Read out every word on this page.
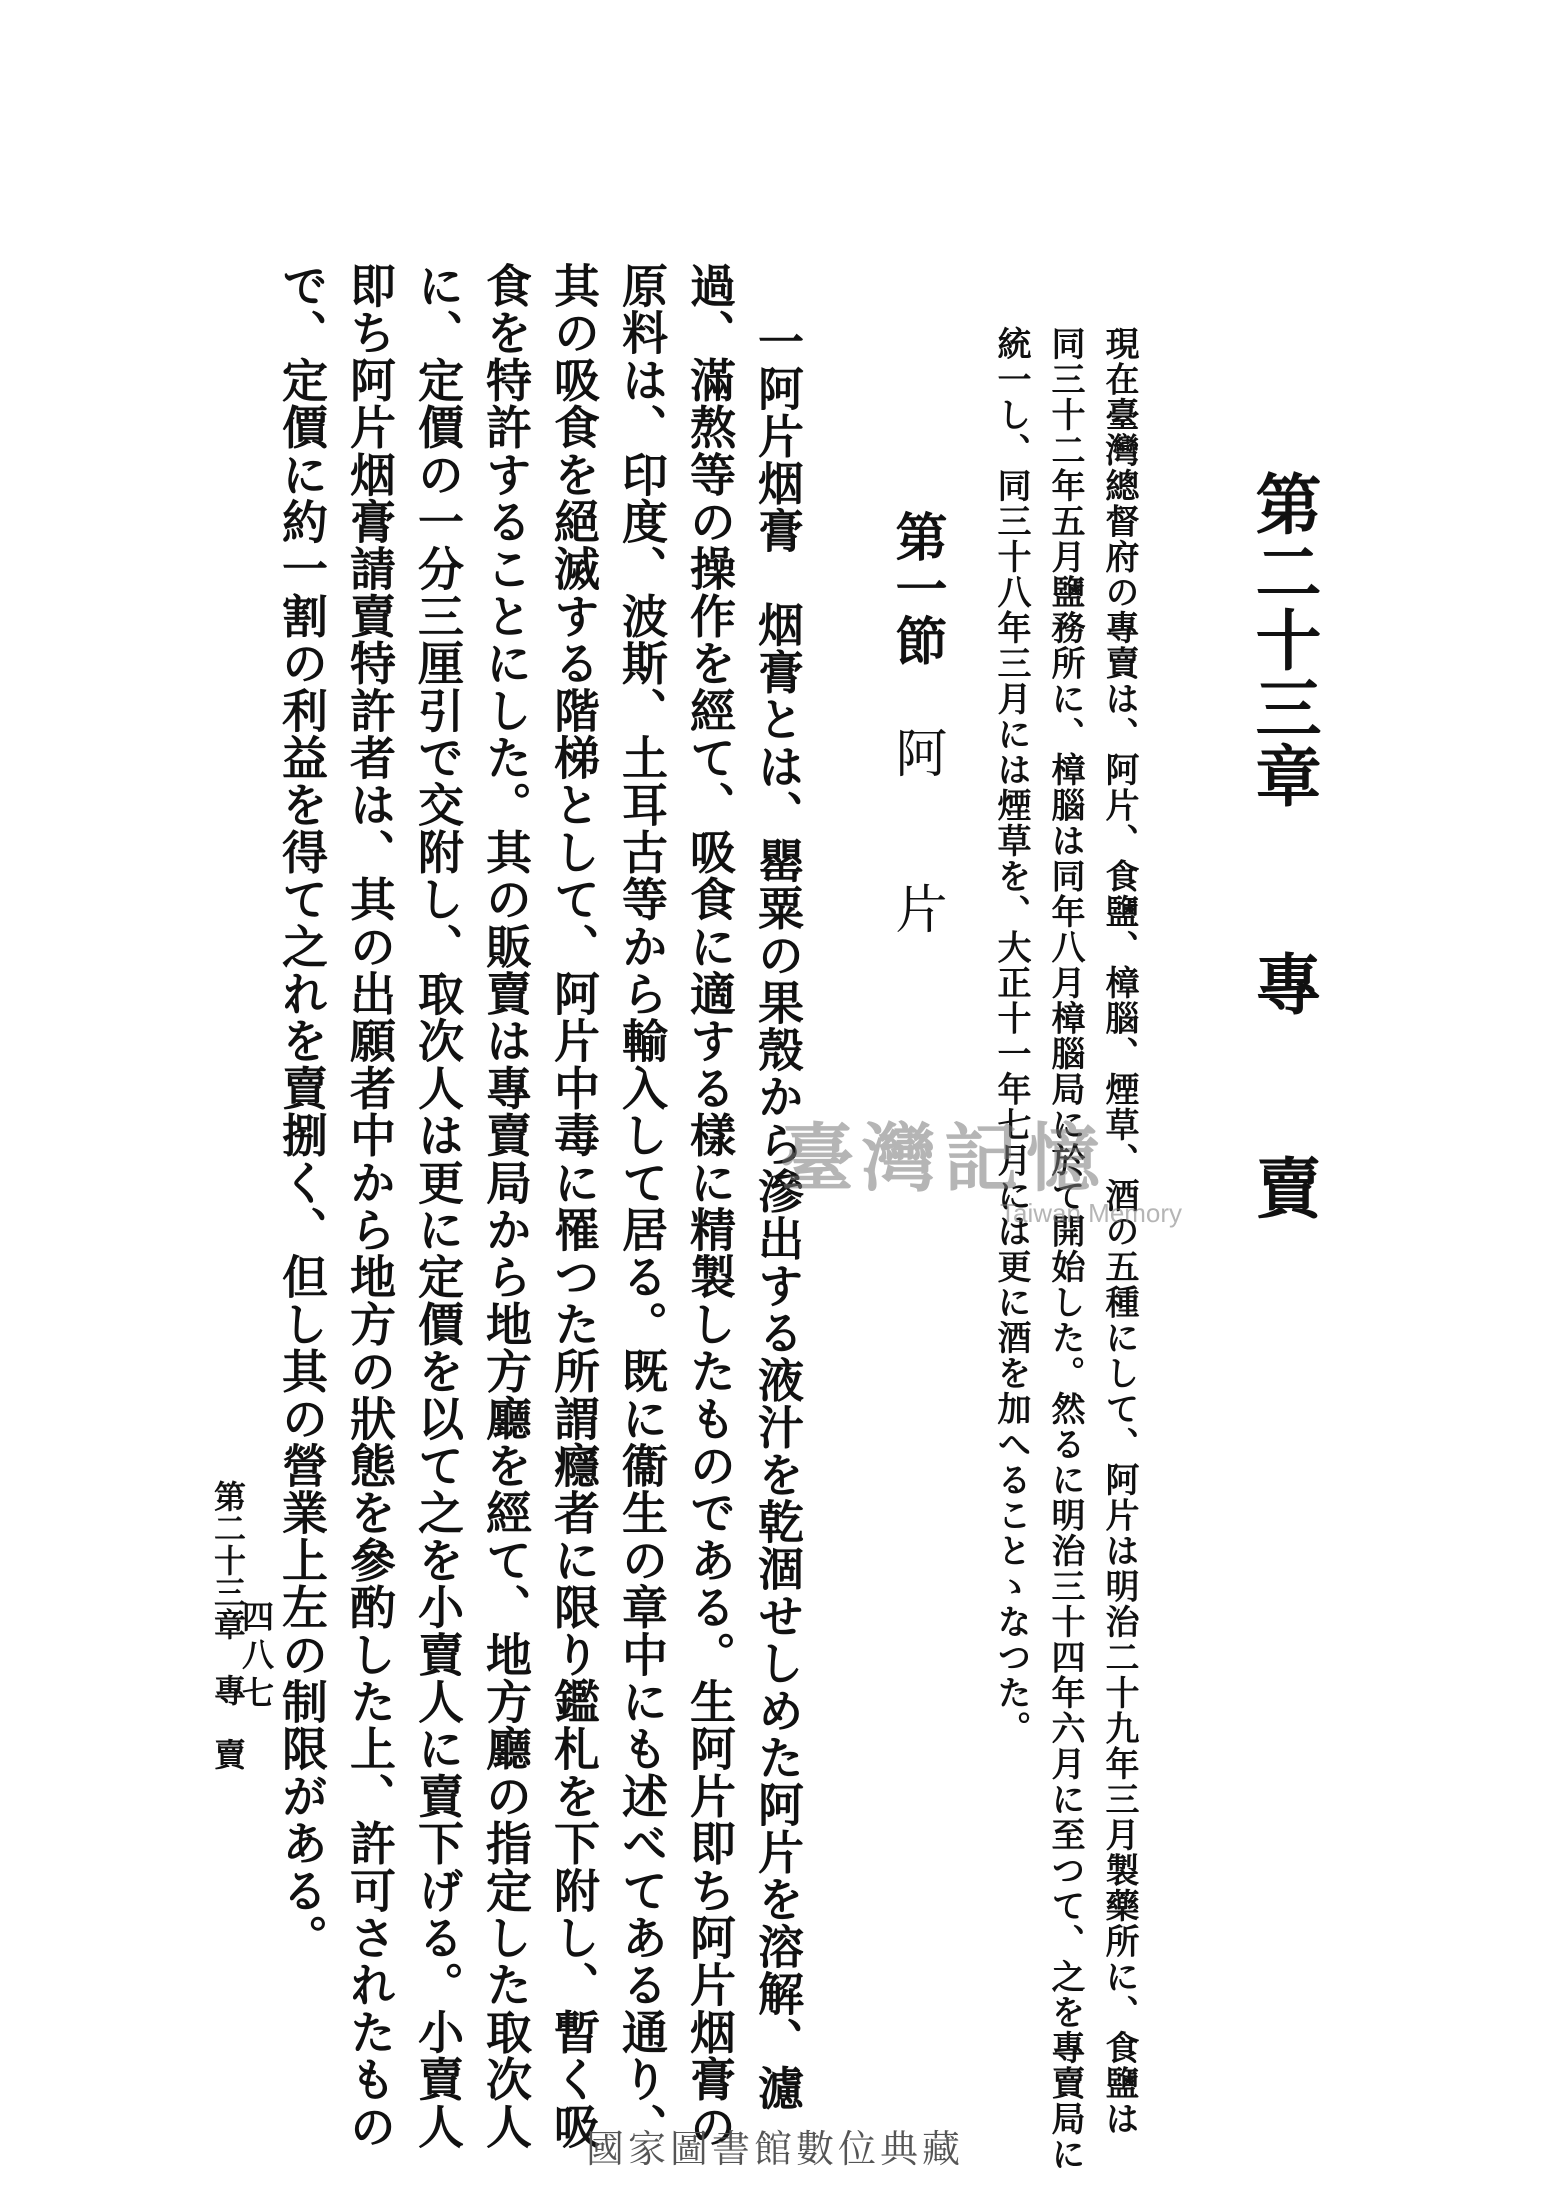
第二十三章專　　賣
現在臺灣總督府の專賣は、阿片、食鹽、樟腦、煙草、酒の五種にして、阿片は明治二十九年三月製藥所に、食鹽は
同三十二年五月鹽務所に、樟腦は同年八月樟腦局に於て開始した。然るに明治三十四年六月に至つて、之を專賣局に
統一し、同三十八年三月には煙草を、大正十一年七月には更に酒を加へることゝなつた。
第一節阿　　片
一阿片烟膏　烟膏とは、罌粟の果殼から滲出する液汁を乾涸せしめた阿片を溶解、濾
過、滿熬等の操作を經て、吸食に適する樣に精製したものである。生阿片即ち阿片烟膏の
原料は、印度、波斯、土耳古等から輸入して居る。既に衞生の章中にも述べてある通り、
其の吸食を絕滅する階梯として、阿片中毒に罹つた所謂癮者に限り鑑札を下附し、暫く吸
食を特許することにした。其の販賣は專賣局から地方廳を經て、地方廳の指定した取次人
に、定價の一分三厘引で交附し、取次人は更に定價を以て之を小賣人に賣下げる。小賣人
即ち阿片烟膏請賣特許者は、其の出願者中から地方の狀態を參酌した上、許可されたもの
で、定價に約一割の利益を得て之れを賣捌く、但し其の營業上左の制限がある。
第二十三章專　賣
臺灣記憶
Taiwan Memory
國家圖書館數位典藏
四八七
